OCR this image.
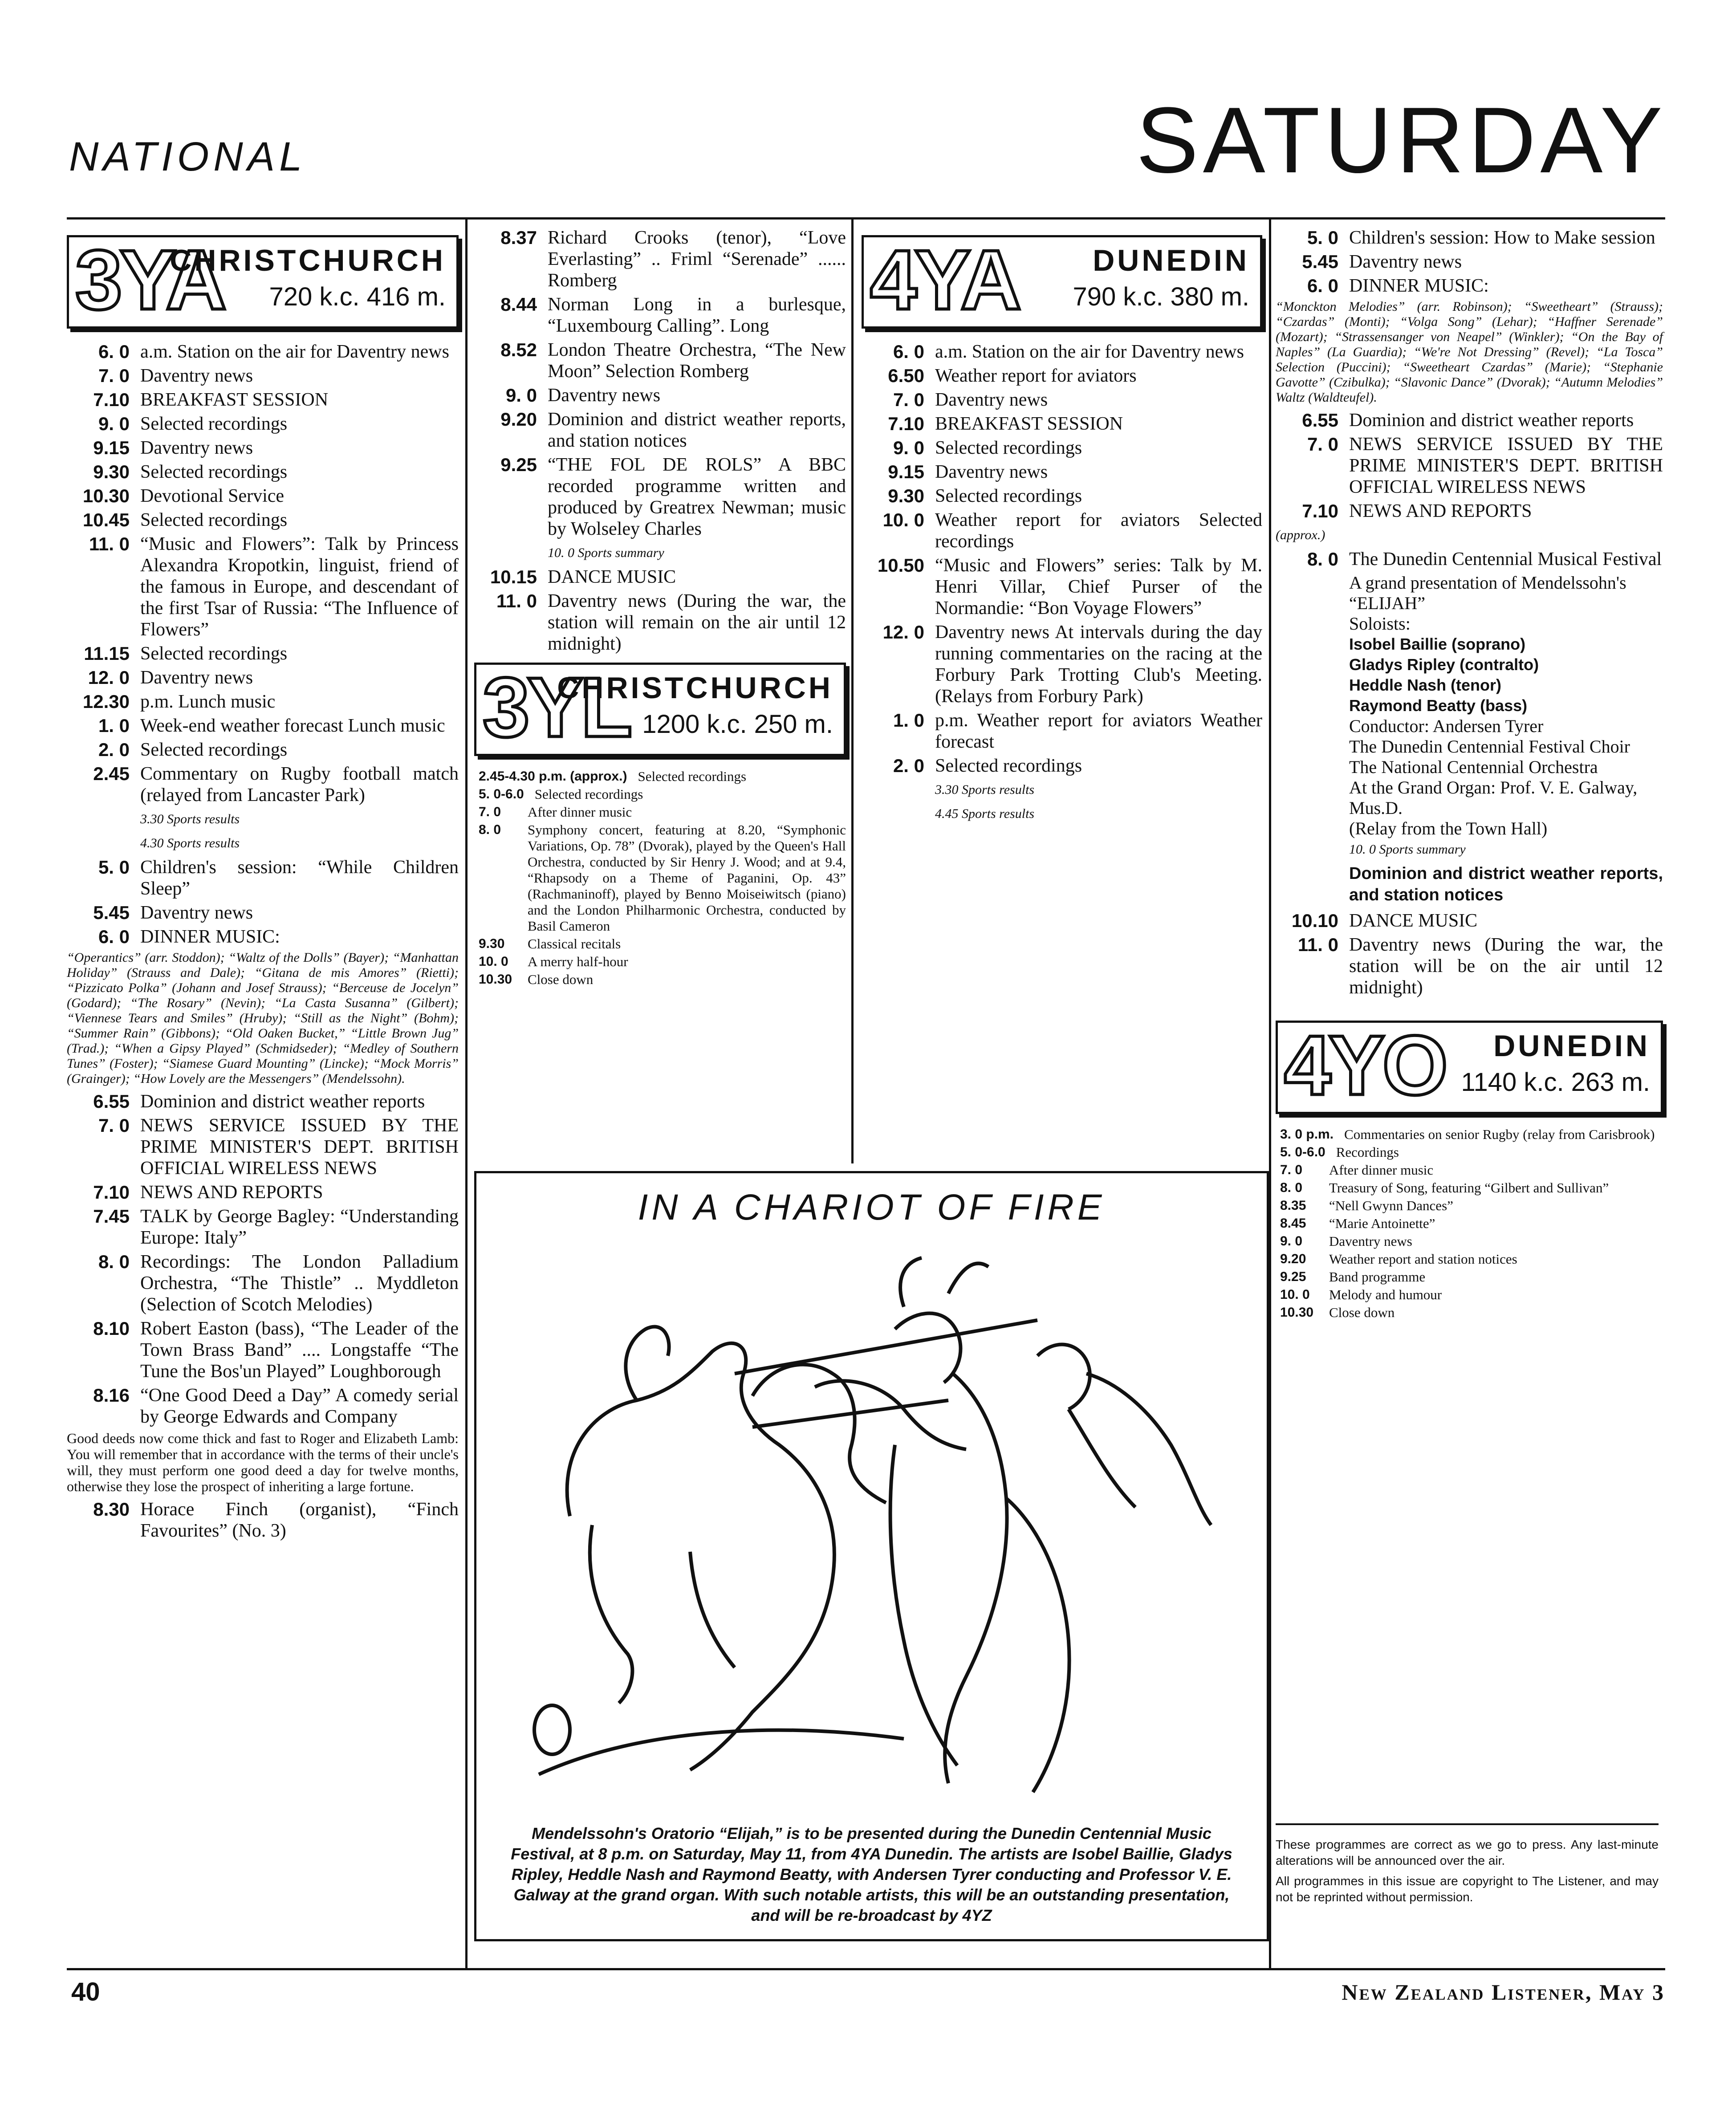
NATIONAL	SATURDAY
3YA
CHRISTCHURCH
720 k.c. 416 m.
6. 0 a.m. Station on the air for Daventry news
7. 0 Daventry news
7.10 BREAKFAST SESSION
9. 0 Selected recordings
9.15 Daventry news
9.30 Selected recordings
10.30 Devotional Service
10.45 Selected recordings
11. 0 “Music and Flowers”: Talk by Princess Alexandra Kropotkin, linguist, friend of the famous in Europe, and descendant of the first Tsar of Russia: “The Influence of Flowers”
11.15 Selected recordings
12. 0 Daventry news
12.30 p.m. Lunch music
1. 0 Week-end weather forecast Lunch music
2. 0 Selected recordings
2.45 Commentary on Rugby football match (relayed from Lancaster Park)
3.30 Sports results
4.30 Sports results
5. 0 Children's session: “While Children Sleep”
5.45 Daventry news
6. 0 DINNER MUSIC:
“Operantics” (arr. Stoddon); “Waltz of the Dolls” (Bayer); “Manhattan Holiday” (Strauss and Dale); “Gitana de mis Amores” (Rietti); “Pizzicato Polka” (Johann and Josef Strauss); “Berceuse de Jocelyn” (Godard); “The Rosary” (Nevin); “La Casta Susanna” (Gilbert); “Viennese Tears and Smiles” (Hruby); “Still as the Night” (Bohm); “Summer Rain” (Gibbons); “Old Oaken Bucket,” “Little Brown Jug” (Trad.); “When a Gipsy Played” (Schmidseder); “Medley of Southern Tunes” (Foster); “Siamese Guard Mounting” (Lincke); “Mock Morris” (Grainger); “How Lovely are the Messengers” (Mendelssohn).
6.55 Dominion and district weather reports
7. 0 NEWS SERVICE ISSUED BY THE PRIME MINISTER'S DEPT. BRITISH OFFICIAL WIRELESS NEWS
7.10 NEWS AND REPORTS
7.45 TALK by George Bagley: “Understanding Europe: Italy”
8. 0 Recordings: The London Palladium Orchestra, “The Thistle” .. Myddleton (Selection of Scotch Melodies)
8.10 Robert Easton (bass), “The Leader of the Town Brass Band” .... Longstaffe “The Tune the Bos'un Played” Loughborough
8.16 “One Good Deed a Day” A comedy serial by George Edwards and Company
Good deeds now come thick and fast to Roger and Elizabeth Lamb: You will remember that in accordance with the terms of their uncle's will, they must perform one good deed a day for twelve months, otherwise they lose the prospect of inheriting a large fortune.
8.30 Horace Finch (organist), “Finch Favourites” (No. 3)
8.37 Richard Crooks (tenor), “Love Everlasting” .. Friml “Serenade” ...... Romberg
8.44 Norman Long in a burlesque, “Luxembourg Calling”. Long
8.52 London Theatre Orchestra, “The New Moon” Selection Romberg
9. 0 Daventry news
9.20 Dominion and district weather reports, and station notices
9.25 “THE FOL DE ROLS” A BBC recorded programme written and produced by Greatrex Newman; music by Wolseley Charles
10. 0 Sports summary
10.15 DANCE MUSIC
11. 0 Daventry news (During the war, the station will remain on the air until 12 midnight)
3YL
CHRISTCHURCH
1200 k.c. 250 m.
2.45-4.30 p.m. (approx.) Selected recordings
5. 0-6.0 Selected recordings
7. 0	After dinner music
8. 0	Symphony concert, featuring at 8.20, “Symphonic Variations, Op. 78” (Dvorak), played by the Queen's Hall Orchestra, conducted by Sir Henry J. Wood; and at 9.4, “Rhapsody on a Theme of Paganini, Op. 43” (Rachmaninoff), played by Benno Moiseiwitsch (piano) and the London Philharmonic Orchestra, conducted by Basil Cameron
9.30	Classical recitals
10. 0	A merry half-hour
10.30	Close down
4YA DUNEDIN
790 k.c. 380 m.
6. 0 a.m. Station on the air for Daventry news
6.50 Weather report for aviators
7. 0 Daventry news
7.10 BREAKFAST SESSION
9. 0 Selected recordings
9.15 Daventry news
9.30 Selected recordings
10. 0 Weather report for aviators Selected recordings
10.50 “Music and Flowers” series: Talk by M. Henri Villar, Chief Purser of the Normandie: “Bon Voyage Flowers”
12. 0 Daventry news At intervals during the day running commentaries on the racing at the Forbury Park Trotting Club's Meeting. (Relays from Forbury Park)
1. 0 p.m. Weather report for aviators Weather forecast
2. 0 Selected recordings
3.30 Sports results
4.45 Sports results
5. 0 Children's session: How to Make session
5.45 Daventry news
6. 0 DINNER MUSIC:
“Monckton Melodies” (arr. Robinson); “Sweetheart” (Strauss); “Czardas” (Monti); “Volga Song” (Lehar); “Haffner Serenade” (Mozart); “Strassensanger von Neapel” (Winkler); “On the Bay of Naples” (La Guardia); “We're Not Dressing” (Revel); “La Tosca” Selection (Puccini); “Sweetheart Czardas” (Marie); “Stephanie Gavotte” (Czibulka); “Slavonic Dance” (Dvorak); “Autumn Melodies” Waltz (Waldteufel).
6.55 Dominion and district weather reports
7. 0 NEWS SERVICE ISSUED BY THE PRIME MINISTER'S DEPT. BRITISH OFFICIAL WIRELESS NEWS
7.10 NEWS AND REPORTS
(approx.)
8. 0 The Dunedin Centennial Musical Festival
A grand presentation of Mendelssohn's “ELIJAH”
Soloists:
Isobel Baillie (soprano)
Gladys Ripley (contralto)
Heddle Nash (tenor)
Raymond Beatty (bass)
Conductor: Andersen Tyrer
The Dunedin Centennial Festival Choir
The National Centennial Orchestra
At the Grand Organ: Prof. V. E. Galway, Mus.D.
(Relay from the Town Hall)
10. 0 Sports summary
Dominion and district weather reports, and station notices
10.10 DANCE MUSIC
11. 0 Daventry news (During the war, the station will be on the air until 12 midnight)
4YO DUNEDIN
1140 k.c. 263 m.
3. 0 p.m. Commentaries on senior Rugby (relay from Carisbrook)
5. 0-6.0 Recordings
7. 0	After dinner music
8. 0	Treasury of Song, featuring “Gilbert and Sullivan”
8.35	“Nell Gwynn Dances”
8.45	“Marie Antoinette”
9. 0	Daventry news
9.20	Weather report and station notices
9.25	Band programme
10. 0	Melody and humour
10.30	Close down
IN A CHARIOT OF FIRE
Mendelssohn's Oratorio “Elijah,” is to be presented during the Dunedin Centennial Music Festival, at 8 p.m. on Saturday, May 11, from 4YA Dunedin. The artists are Isobel Baillie, Gladys Ripley, Heddle Nash and Raymond Beatty, with Andersen Tyrer conducting and Professor V. E. Galway at the grand organ. With such notable artists, this will be an outstanding presentation, and will be re-broadcast by 4YZ
These programmes are correct as we go to press. Any last-minute alterations will be announced over the air.
All programmes in this issue are copyright to The Listener, and may not be reprinted without permission.
40	New Zealand Listener, May 3
